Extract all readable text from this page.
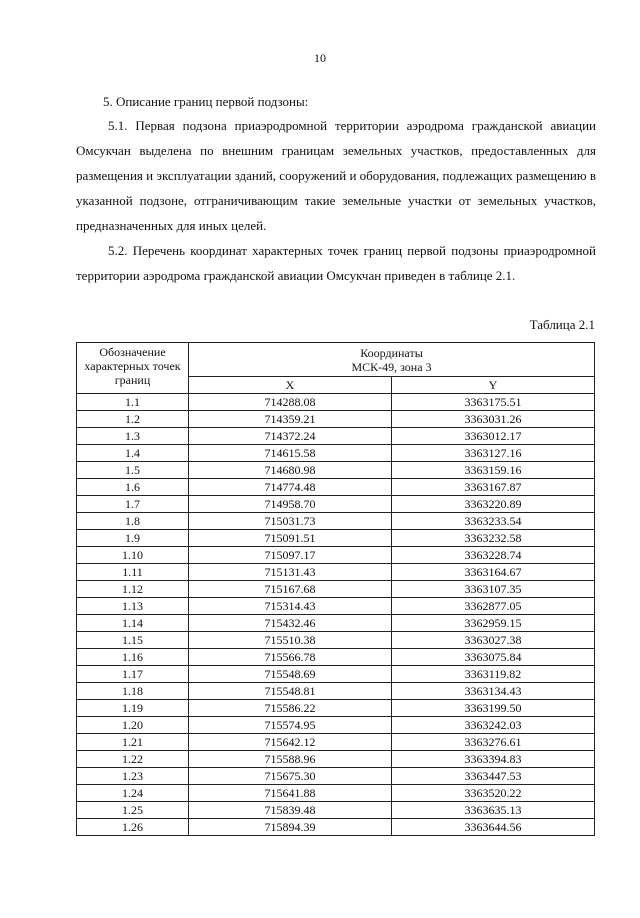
10
5. Описание границ первой подзоны:
5.1. Первая подзона приаэродромной территории аэродрома гражданской авиации Омсукчан выделена по внешним границам земельных участков, предоставленных для размещения и эксплуатации зданий, сооружений и оборудования, подлежащих размещению в указанной подзоне, отграничивающим такие земельные участки от земельных участков, предназначенных для иных целей.
5.2. Перечень координат характерных точек границ первой подзоны приаэродромной территории аэродрома гражданской авиации Омсукчан приведен в таблице 2.1.
Таблица 2.1
Обозначение характерных точек границ	Координаты
МСК-49, зона 3	

	X	Y
1.1	714288.08	3363175.51
1.2	714359.21	3363031.26
1.3	714372.24	3363012.17
1.4	714615.58	3363127.16
1.5	714680.98	3363159.16
1.6	714774.48	3363167.87
1.7	714958.70	3363220.89
1.8	715031.73	3363233.54
1.9	715091.51	3363232.58
1.10	715097.17	3363228.74
1.11	715131.43	3363164.67
1.12	715167.68	3363107.35
1.13	715314.43	3362877.05
1.14	715432.46	3362959.15
1.15	715510.38	3363027.38
1.16	715566.78	3363075.84
1.17	715548.69	3363119.82
1.18	715548.81	3363134.43
1.19	715586.22	3363199.50
1.20	715574.95	3363242.03
1.21	715642.12	3363276.61
1.22	715588.96	3363394.83
1.23	715675.30	3363447.53
1.24	715641.88	3363520.22
1.25	715839.48	3363635.13
1.26	715894.39	3363644.56
